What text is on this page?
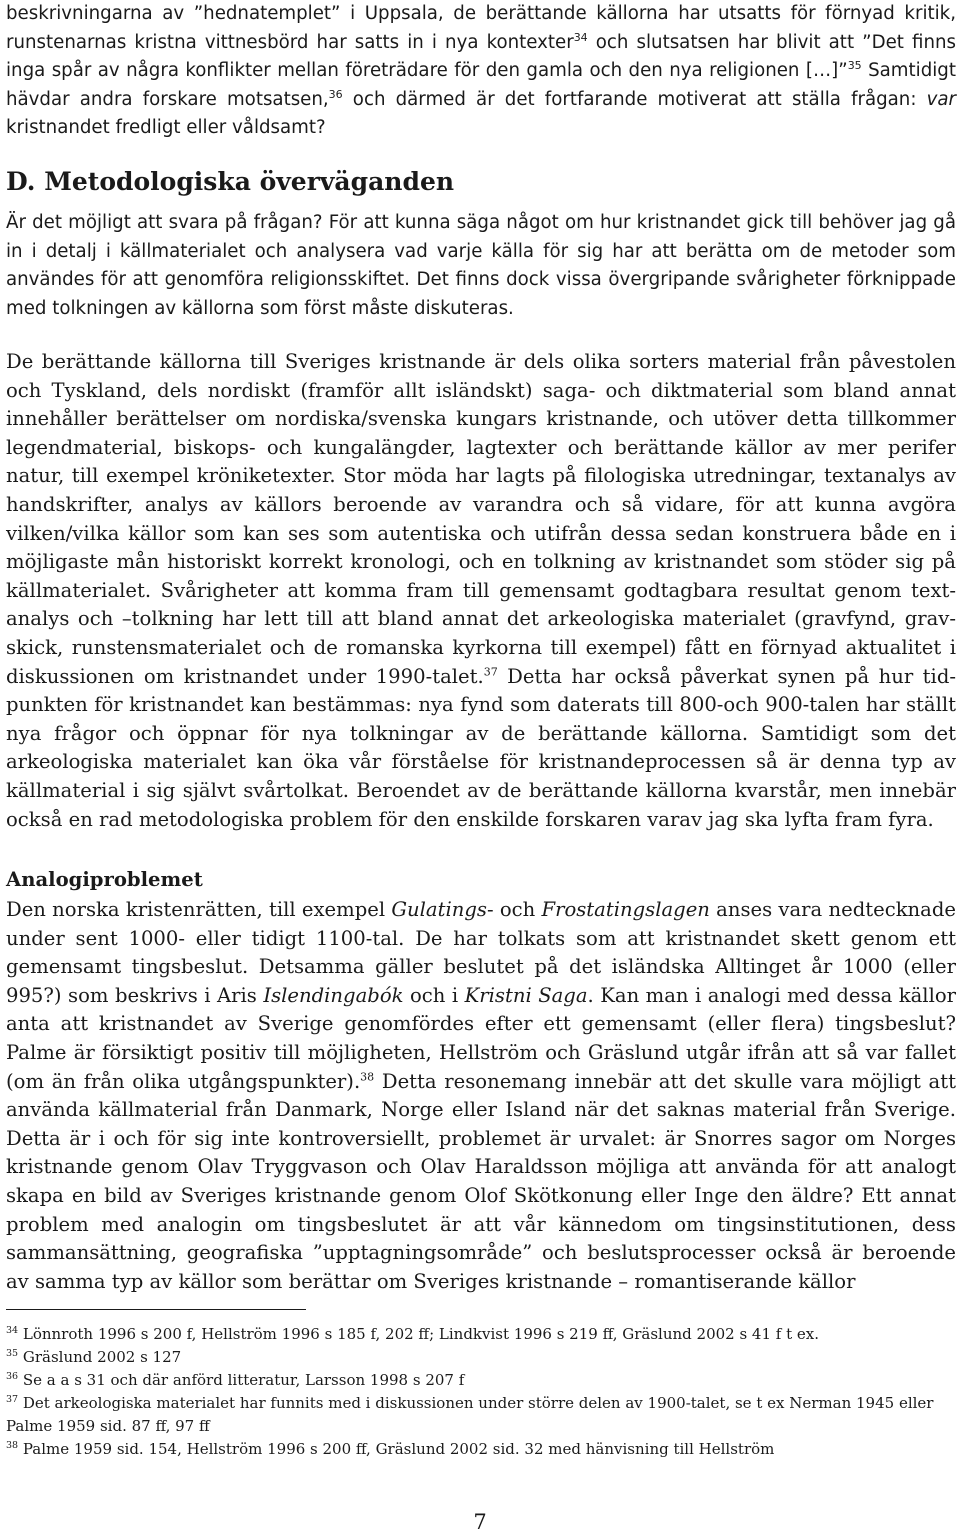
beskrivningarna av ”hednatemplet” i Uppsala, de berättande källorna har utsatts för förnyad kritik, runstenarnas kristna vittnesbörd har satts in i nya kontexter$^{34}$ och slutsatsen har blivit att ”Det finns inga spår av några konflikter mellan företrädare för den gamla och den nya religionen […]”$^{35}$ Samtidigt hävdar andra forskare motsatsen,$^{36}$ och därmed är det fortfarande motiverat att ställa frågan: var kristnandet fredligt eller våldsamt?

D. Metodologiska överväganden

Är det möjligt att svara på frågan? För att kunna säga något om hur kristnandet gick till behöver jag gå in i detalj i källmaterialet och analysera vad varje källa för sig har att berätta om de metoder som användes för att genomföra religionsskiftet. Det finns dock vissa övergripande svårigheter förknippade med tolkningen av källorna som först måste diskuteras.

De berättande källorna till Sveriges kristnande är dels olika sorters material från påvestolen och Tyskland, dels nordiskt (framför allt isländskt) saga- och diktmaterial som bland annat innehåller berättelser om nordiska/svenska kungars kristnande, och utöver detta tillkommer legendmaterial, biskops- och kungalängder, lagtexter och berättande källor av mer perifer natur, till exempel kröniketexter. Stor möda har lagts på filologiska utredningar, textanalys av handskrifter, analys av källors beroende av varandra och så vidare, för att kunna avgöra vilken/vilka källor som kan ses som autentiska och utifrån dessa sedan konstruera både en i möjligaste mån historiskt korrekt kronologi, och en tolkning av kristnandet som stöder sig på källmaterialet. Svårigheter att komma fram till gemensamt godtagbara resultat genom textanalys och –tolkning har lett till att bland annat det arkeologiska materialet (gravfynd, gravskick, runstensmaterialet och de romanska kyrkorna till exempel) fått en förnyad aktualitet i diskussionen om kristnandet under 1990-talet.$^{37}$ Detta har också påverkat synen på hur tidpunkten för kristnandet kan bestämmas: nya fynd som daterats till 800-och 900-talen har ställt nya frågor och öppnar för nya tolkningar av de berättande källorna. Samtidigt som det arkeologiska materialet kan öka vår förståelse för kristnandeprocessen så är denna typ av källmaterial i sig självt svårtolkat. Beroendet av de berättande källorna kvarstår, men innebär också en rad metodologiska problem för den enskilde forskaren varav jag ska lyfta fram fyra.

Analogiproblemet

Den norska kristenrätten, till exempel Gulatings- och Frostatingslagen anses vara nedtecknade under sent 1000- eller tidigt 1100-tal. De har tolkats som att kristnandet skett genom ett gemensamt tingsbeslut. Detsamma gäller beslutet på det isländska Alltinget år 1000 (eller 995?) som beskrivs i Aris Islendingabók och i Kristni Saga. Kan man i analogi med dessa källor anta att kristnandet av Sverige genomfördes efter ett gemensamt (eller flera) tingsbeslut? Palme är försiktigt positiv till möjligheten, Hellström och Gräslund utgår ifrån att så var fallet (om än från olika utgångspunkter).$^{38}$ Detta resonemang innebär att det skulle vara möjligt att använda källmaterial från Danmark, Norge eller Island när det saknas material från Sverige. Detta är i och för sig inte kontroversiellt, problemet är urvalet: är Snorres sagor om Norges kristnande genom Olav Tryggvason och Olav Haraldsson möjliga att använda för att analogt skapa en bild av Sveriges kristnande genom Olof Skötkonung eller Inge den äldre? Ett annat problem med analogin om tingsbeslutet är att vår kännedom om tingsinstitutionen, dess sammansättning, geografiska ”upptagningsområde” och beslutsprocesser också är beroende av samma typ av källor som berättar om Sveriges kristnande – romantiserande källor

$^{34}$ Lönnroth 1996 s 200 f, Hellström 1996 s 185 f, 202 ff; Lindkvist 1996 s 219 ff, Gräslund 2002 s 41 f t ex.

$^{35}$ Gräslund 2002 s 127

$^{36}$ Se a a s 31 och där anförd litteratur, Larsson 1998 s 207 f

$^{37}$ Det arkeologiska materialet har funnits med i diskussionen under större delen av 1900-talet, se t ex Nerman 1945 eller Palme 1959 sid. 87 ff, 97 ff

$^{38}$ Palme 1959 sid. 154, Hellström 1996 s 200 ff, Gräslund 2002 sid. 32 med hänvisning till Hellström

7
